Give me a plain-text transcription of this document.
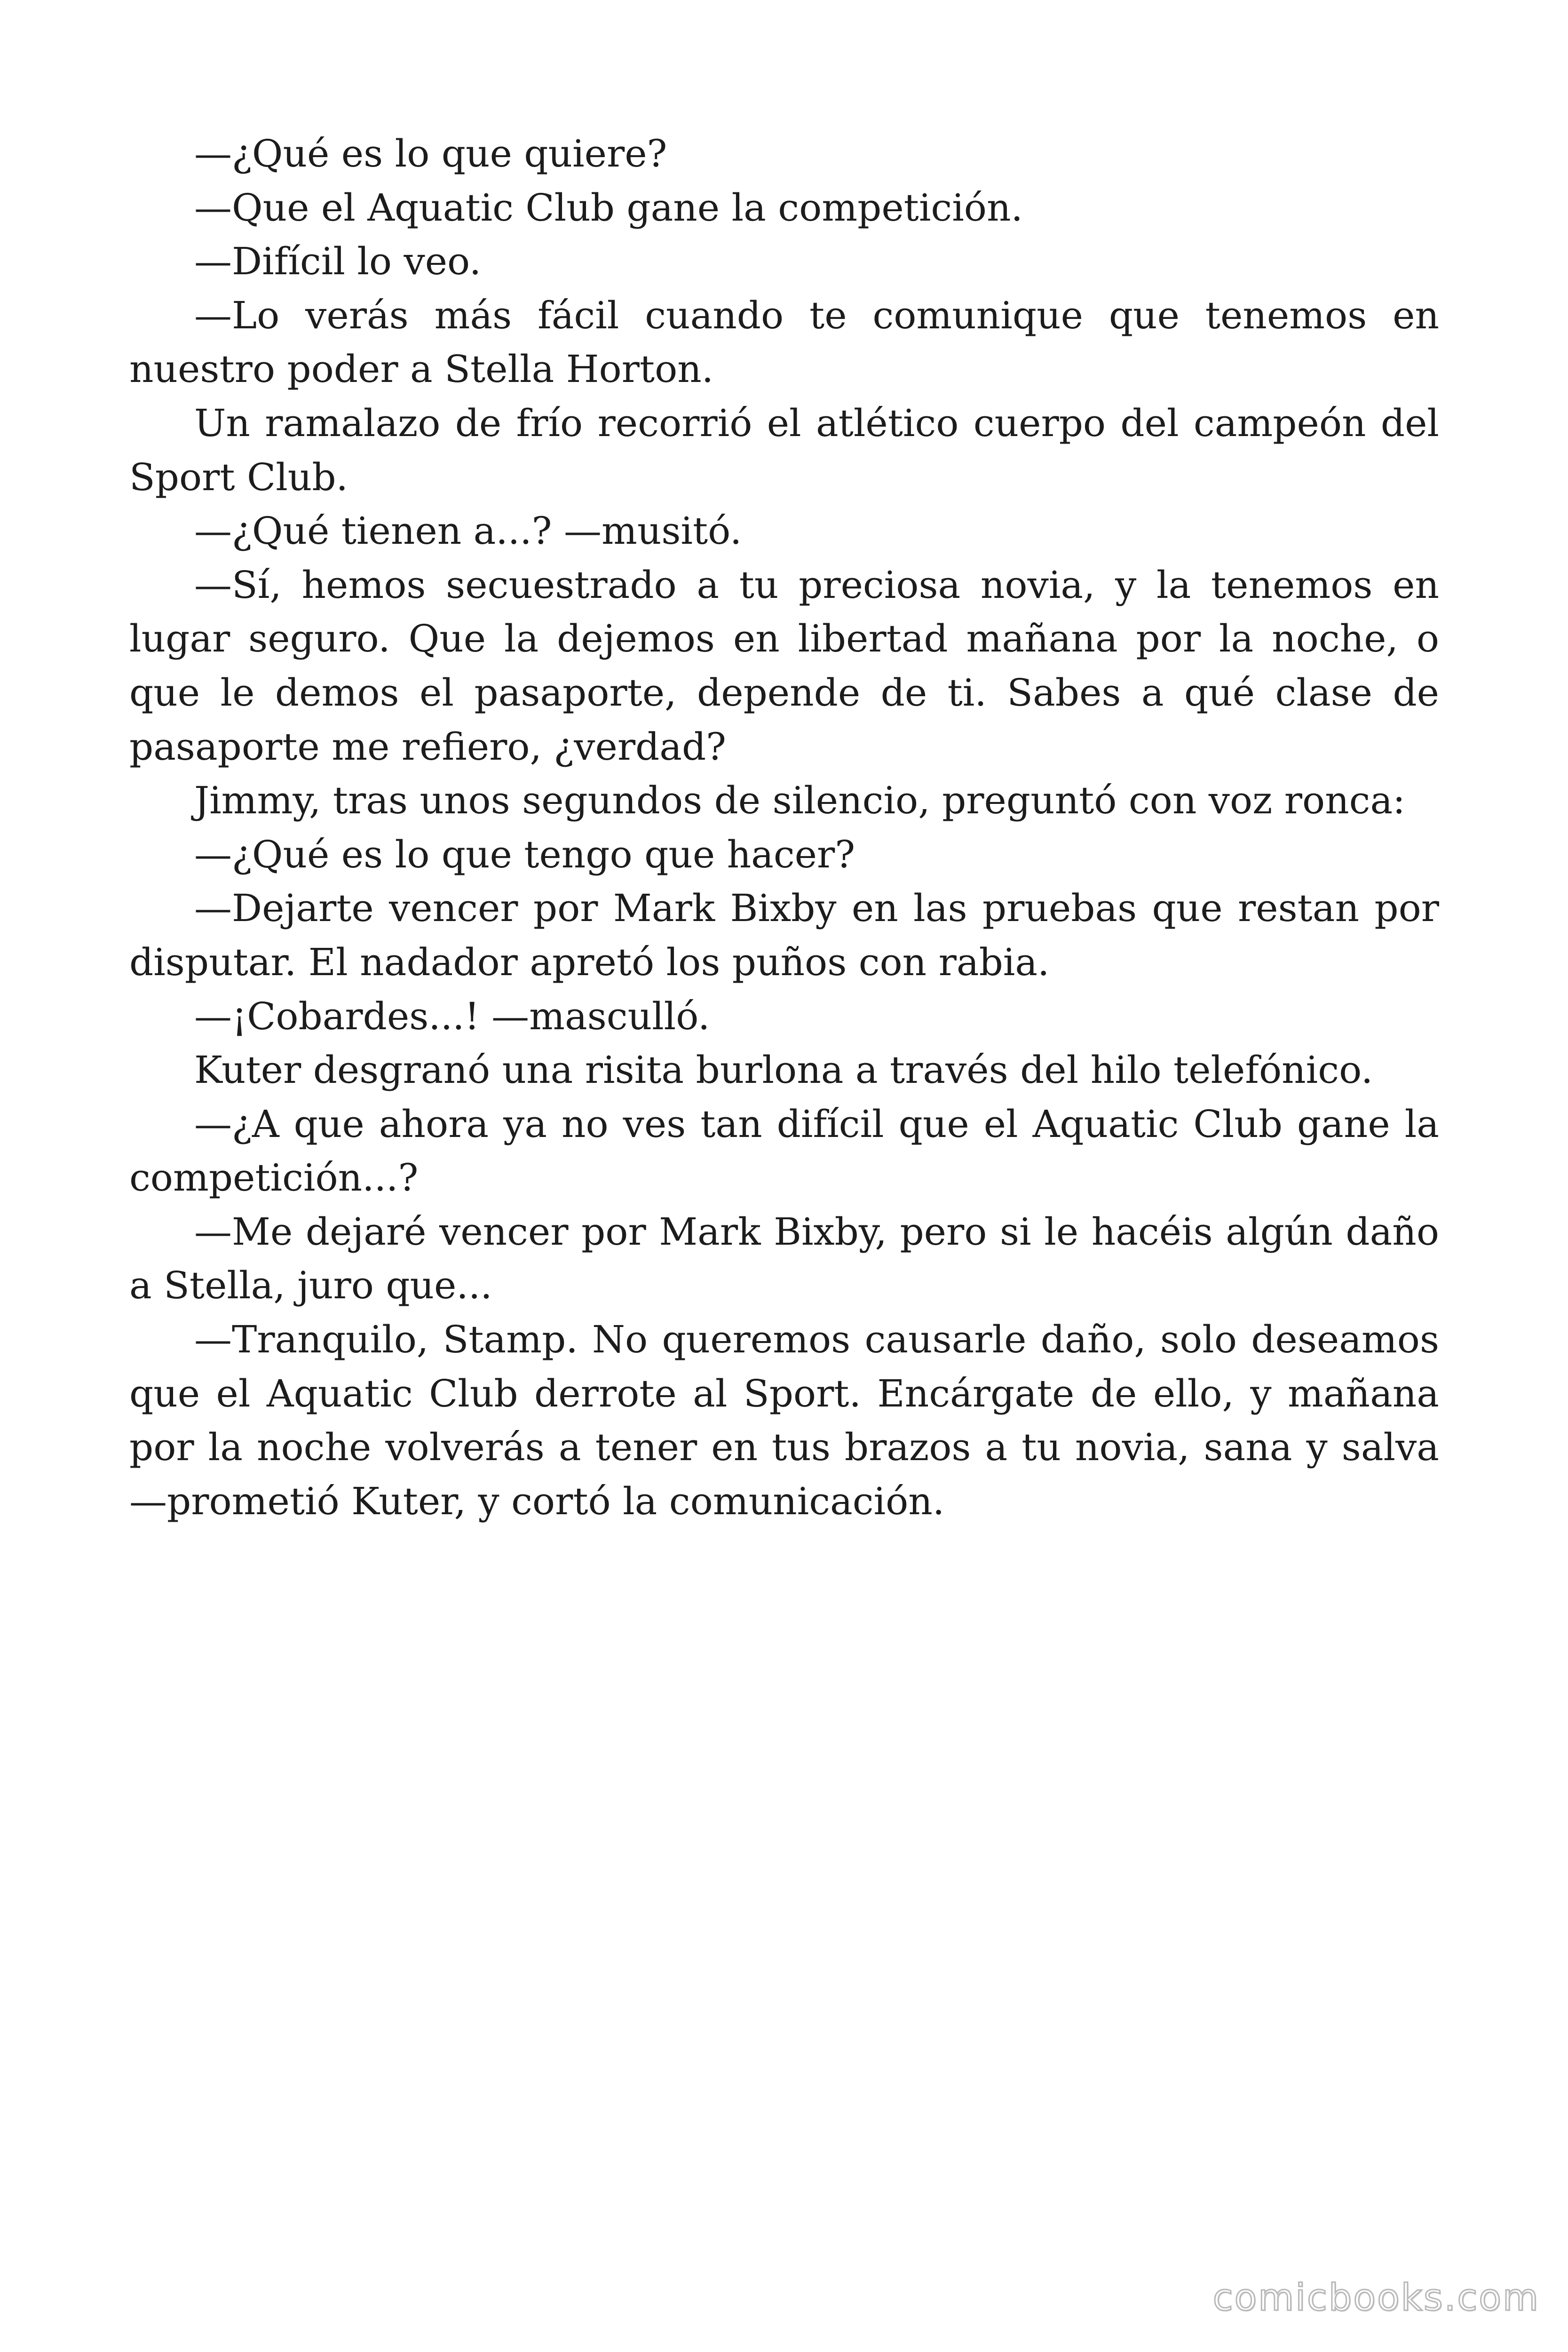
—¿Qué es lo que quiere?

—Que el Aquatic Club gane la competición.

—Difícil lo veo.

—Lo verás más fácil cuando te comunique que tenemos en nuestro poder a Stella Horton.

Un ramalazo de frío recorrió el atlético cuerpo del campeón del Sport Club.

—¿Qué tienen a...? —musitó.

—Sí, hemos secuestrado a tu preciosa novia, y la tenemos en lugar seguro. Que la dejemos en libertad mañana por la noche, o que le demos el pasaporte, depende de ti. Sabes a qué clase de pasaporte me refiero, ¿verdad?

Jimmy, tras unos segundos de silencio, preguntó con voz ronca:

—¿Qué es lo que tengo que hacer?

—Dejarte vencer por Mark Bixby en las pruebas que restan por disputar. El nadador apretó los puños con rabia.

—¡Cobardes...! —masculló.

Kuter desgranó una risita burlona a través del hilo telefónico.

—¿A que ahora ya no ves tan difícil que el Aquatic Club gane la competición...?

—Me dejaré vencer por Mark Bixby, pero si le hacéis algún daño a Stella, juro que...

—Tranquilo, Stamp. No queremos causarle daño, solo deseamos que el Aquatic Club derrote al Sport. Encárgate de ello, y mañana por la noche volverás a tener en tus brazos a tu novia, sana y salva —prometió Kuter, y cortó la comunicación.

comicbooks.com
